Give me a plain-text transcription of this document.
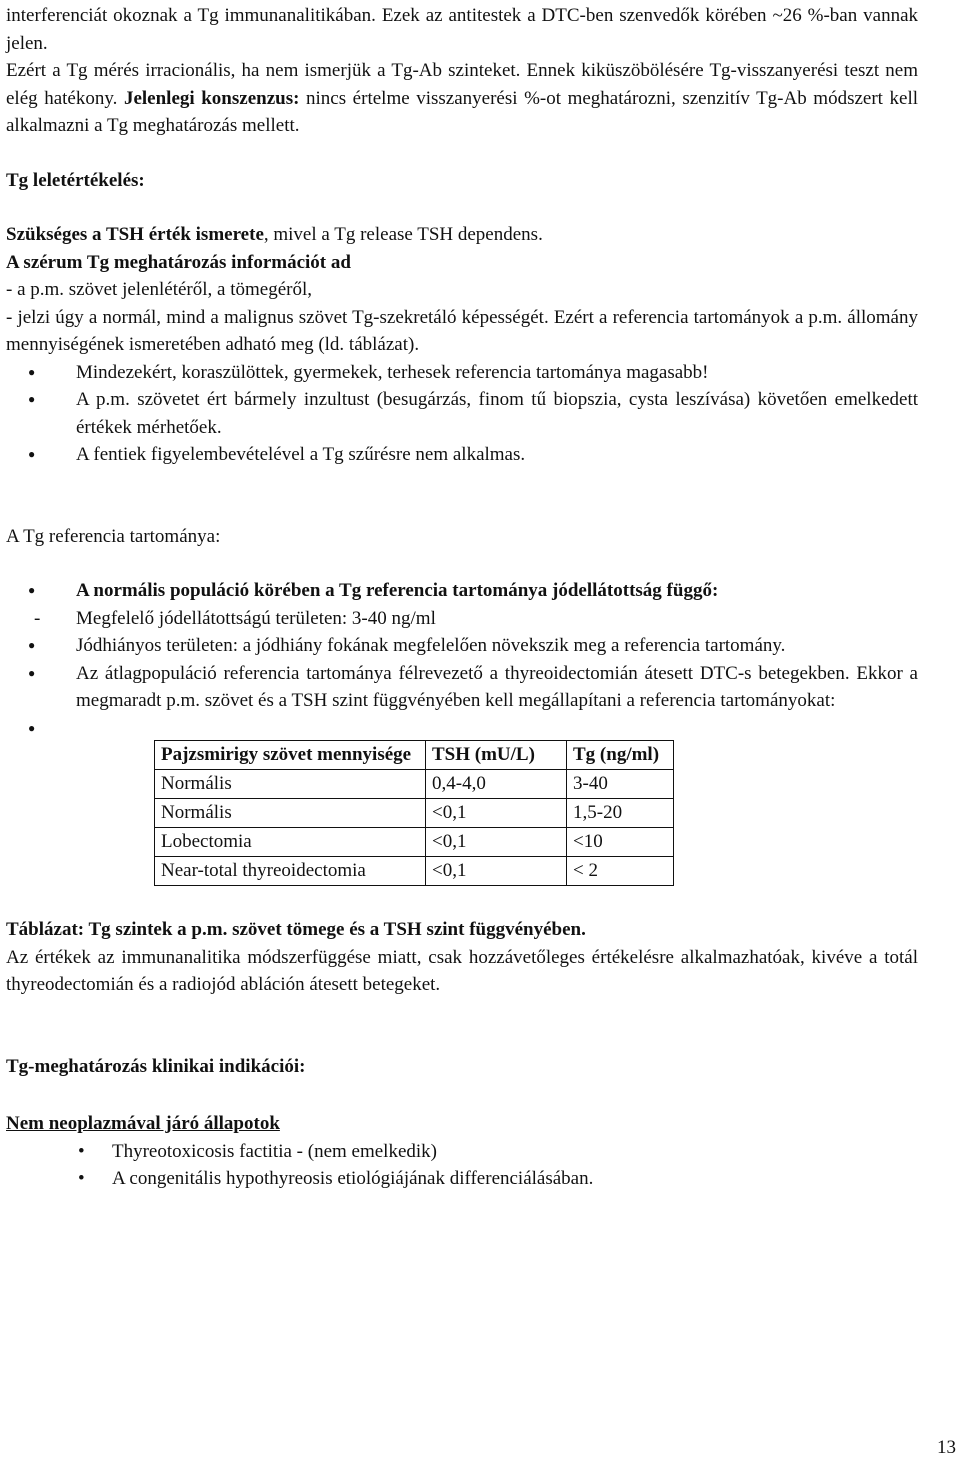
interferenciát okoznak a Tg immunanalitikában. Ezek az antitestek a DTC-ben szenvedők körében ~26 %-ban vannak jelen.

Ezért a Tg mérés irracionális, ha nem ismerjük a Tg-Ab szinteket. Ennek kiküszöbölésére Tg-visszanyerési teszt nem elég hatékony. Jelenlegi konszenzus: nincs értelme visszanyerési %-ot meghatározni, szenzitív Tg-Ab módszert kell alkalmazni a Tg meghatározás mellett.

Tg leletértékelés:

Szükséges a TSH érték ismerete, mivel a Tg release TSH dependens.

A szérum Tg meghatározás információt ad

- a p.m. szövet jelenlétéről, a tömegéről,

- jelzi úgy a normál, mind a malignus szövet Tg-szekretáló képességét. Ezért a referencia tartományok a p.m. állomány mennyiségének ismeretében adható meg (ld. táblázat).

● Mindezekért, koraszülöttek, gyermekek, terhesek referencia tartománya magasabb!

● A p.m. szövetet ért bármely inzultust (besugárzás, finom tű biopszia, cysta leszívása) követően emelkedett értékek mérhetőek.

● A fentiek figyelembevételével a Tg szűrésre nem alkalmas.

A Tg referencia tartománya:

● A normális populáció körében a Tg referencia tartománya jódellátottság függő:

- Megfelelő jódellátottságú területen: 3-40 ng/ml

● Jódhiányos területen: a jódhiány fokának megfelelően növekszik meg a referencia tartomány.

● Az átlagpopuláció referencia tartománya félrevezető a thyreoidectomián átesett DTC-s betegekben. Ekkor a megmaradt p.m. szövet és a TSH szint függvényében kell megállapítani a referencia tartományokat:

●

Pajzsmirigy szövet mennyisége	TSH (mU/L)	Tg (ng/ml)
Normális	0,4-4,0	3-40
Normális	<0,1	1,5-20
Lobectomia	<0,1	<10
Near-total thyreoidectomia	<0,1	< 2

Táblázat: Tg szintek a p.m. szövet tömege és a TSH szint függvényében.

Az értékek az immunanalitika módszerfüggése miatt, csak hozzávetőleges értékelésre alkalmazhatóak, kivéve a totál thyreodectomián és a radiojód abláción átesett betegeket.

Tg-meghatározás klinikai indikációi:

Nem neoplazmával járó állapotok

• Thyreotoxicosis factitia - (nem emelkedik)

• A congenitális hypothyreosis etiológiájának differenciálásában.

13
